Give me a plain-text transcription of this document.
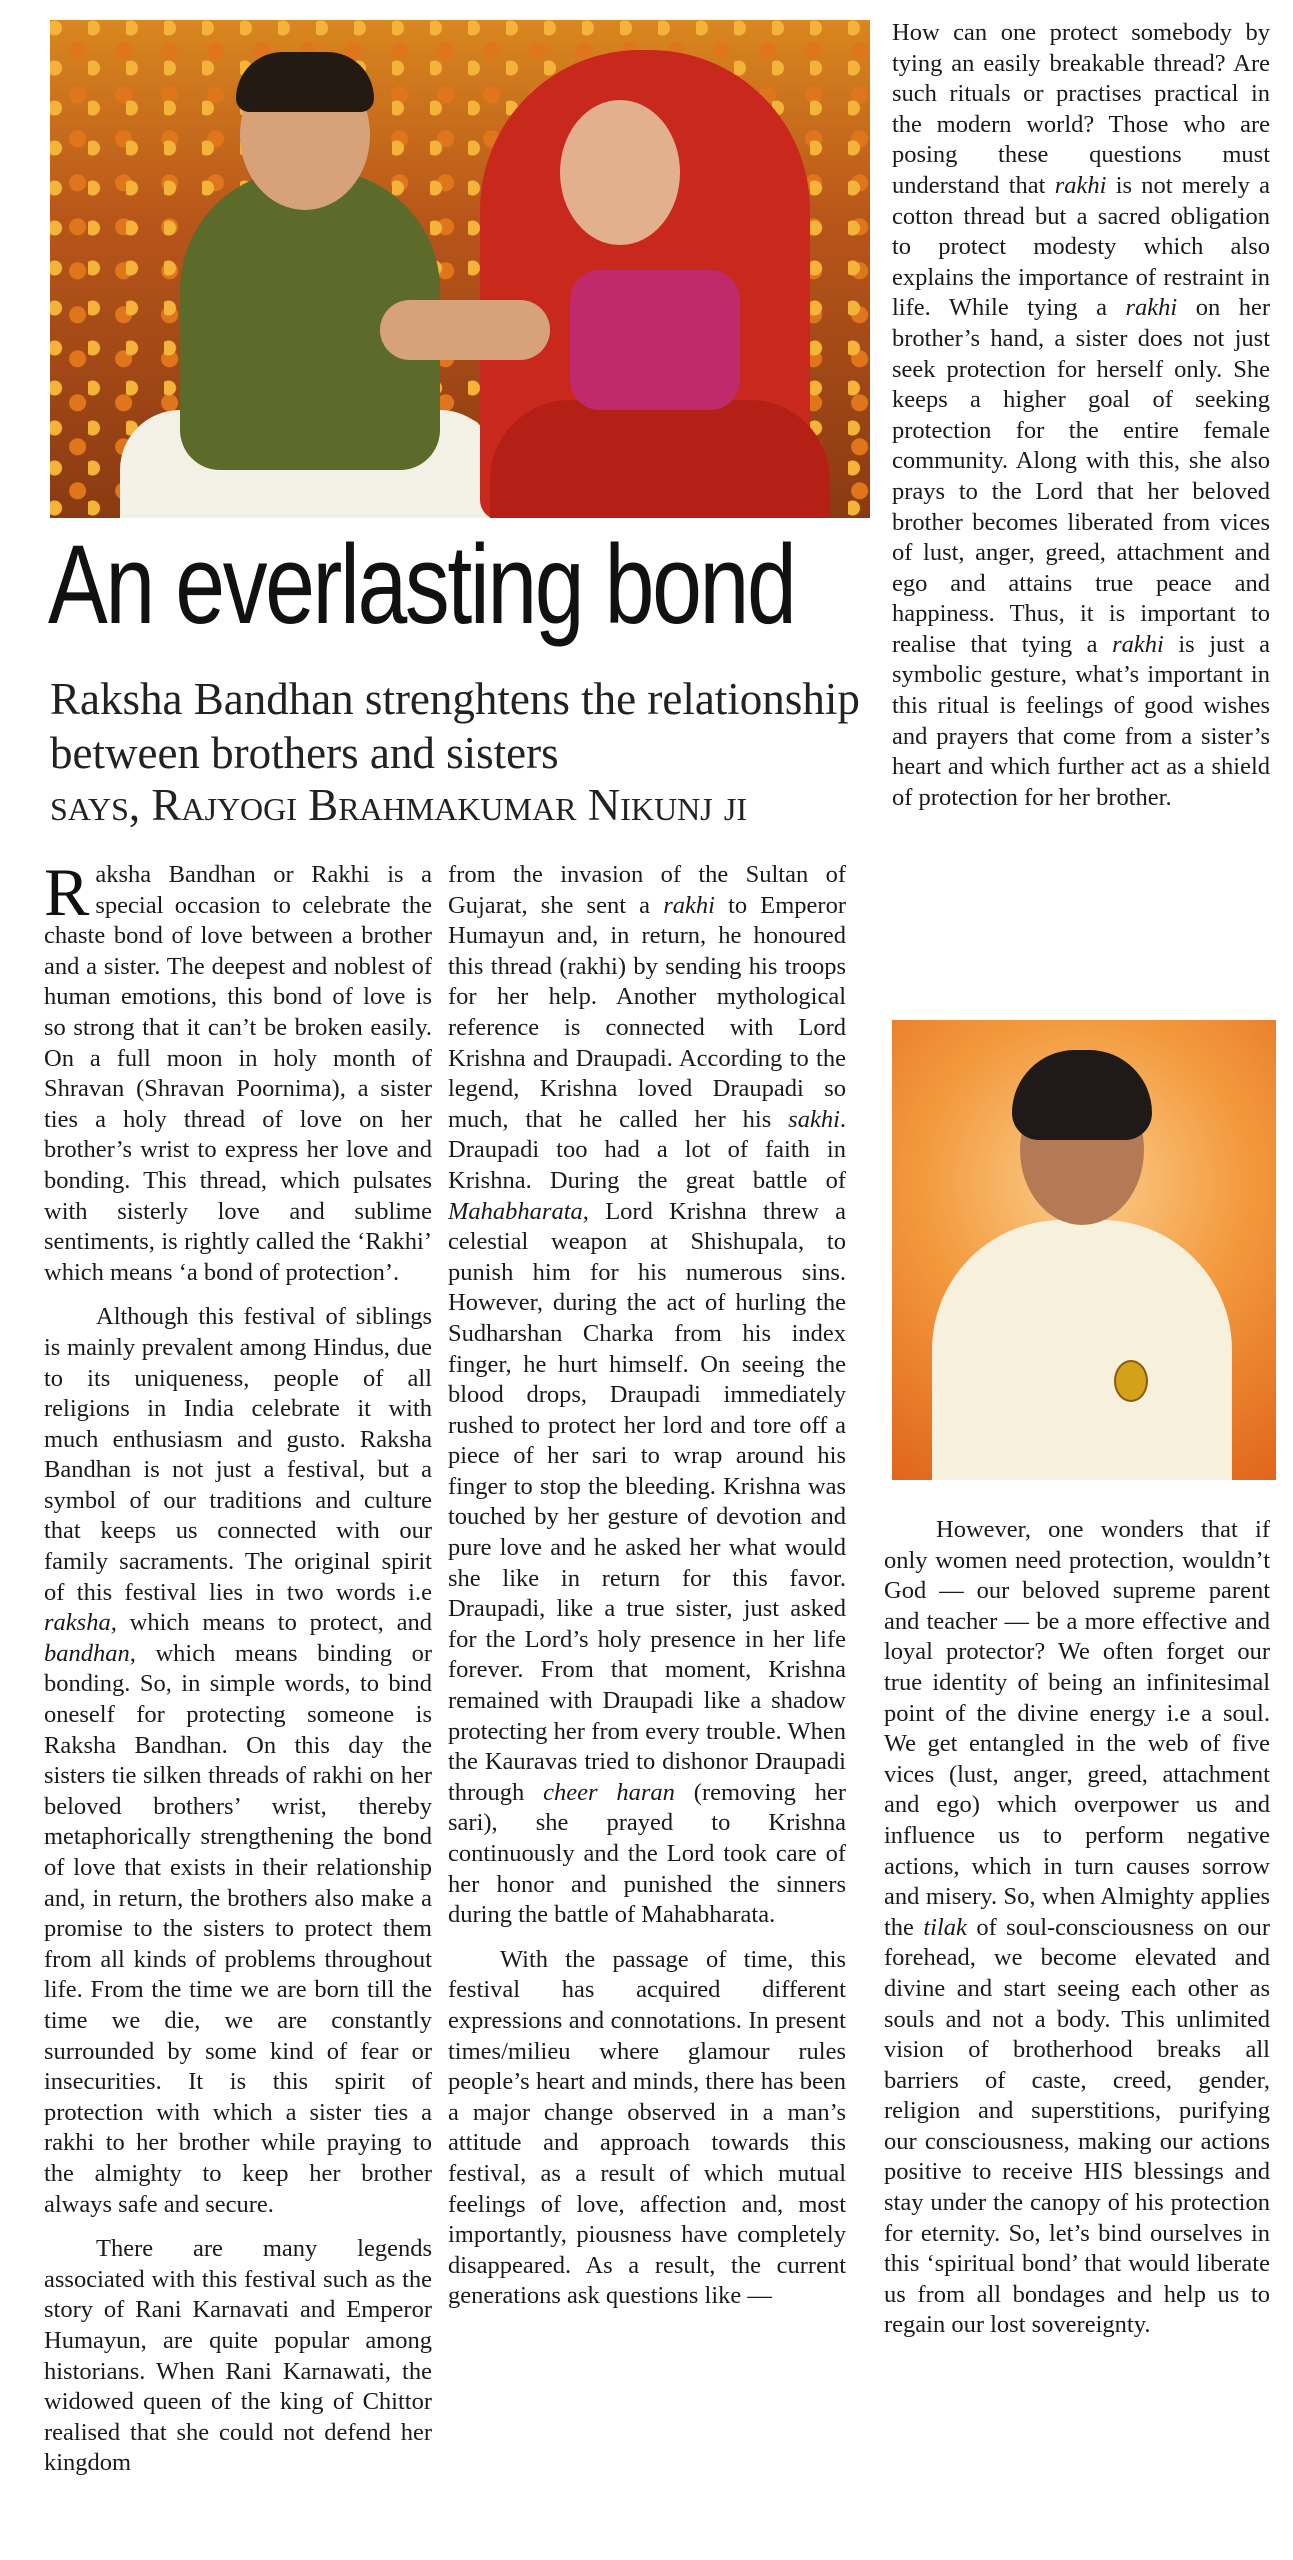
An everlasting bond

Raksha Bandhan strenghtens the relationship between brothers and sisters

says, Rajyogi Brahmakumar Nikunj ji

Raksha Bandhan or Rakhi is a special occasion to celebrate the chaste bond of love between a brother and a sister. The deepest and noblest of human emotions, this bond of love is so strong that it can’t be broken easily. On a full moon in holy month of Shravan (Shravan Poornima), a sister ties a holy thread of love on her brother’s wrist to express her love and bonding. This thread, which pulsates with sisterly love and sublime sentiments, is rightly called the ‘Rakhi’ which means ‘a bond of protection’.

Although this festival of siblings is mainly prevalent among Hindus, due to its uniqueness, people of all religions in India celebrate it with much enthusiasm and gusto. Raksha Bandhan is not just a festival, but a symbol of our traditions and culture that keeps us connected with our family sacraments. The original spirit of this festival lies in two words i.e raksha, which means to protect, and bandhan, which means binding or bonding. So, in simple words, to bind oneself for protecting someone is Raksha Bandhan. On this day the sisters tie silken threads of rakhi on her beloved brothers’ wrist, thereby metaphorically strengthening the bond of love that exists in their relationship and, in return, the brothers also make a promise to the sisters to protect them from all kinds of problems throughout life. From the time we are born till the time we die, we are constantly surrounded by some kind of fear or insecurities. It is this spirit of protection with which a sister ties a rakhi to her brother while praying to the almighty to keep her brother always safe and secure.

There are many legends associated with this festival such as the story of Rani Karnavati and Emperor Humayun, are quite popular among historians. When Rani Karnawati, the widowed queen of the king of Chittor realised that she could not defend her kingdom

from the invasion of the Sultan of Gujarat, she sent a rakhi to Emperor Humayun and, in return, he honoured this thread (rakhi) by sending his troops for her help. Another mythological reference is connected with Lord Krishna and Draupadi. According to the legend, Krishna loved Draupadi so much, that he called her his sakhi. Draupadi too had a lot of faith in Krishna. During the great battle of Mahabharata, Lord Krishna threw a celestial weapon at Shishupala, to punish him for his numerous sins. However, during the act of hurling the Sudharshan Charka from his index finger, he hurt himself. On seeing the blood drops, Draupadi immediately rushed to protect her lord and tore off a piece of her sari to wrap around his finger to stop the bleeding. Krishna was touched by her gesture of devotion and pure love and he asked her what would she like in return for this favor. Draupadi, like a true sister, just asked for the Lord’s holy presence in her life forever. From that moment, Krishna remained with Draupadi like a shadow protecting her from every trouble. When the Kauravas tried to dishonor Draupadi through cheer haran (removing her sari), she prayed to Krishna continuously and the Lord took care of her honor and punished the sinners during the battle of Mahabharata.

With the passage of time, this festival has acquired different expressions and connotations. In present times/milieu where glamour rules people’s heart and minds, there has been a major change observed in a man’s attitude and approach towards this festival, as a result of which mutual feelings of love, affection and, most importantly, piousness have completely disappeared. As a result, the current generations ask questions like —

How can one protect somebody by tying an easily breakable thread? Are such rituals or practises practical in the modern world? Those who are posing these questions must understand that rakhi is not merely a cotton thread but a sacred obligation to protect modesty which also explains the importance of restraint in life. While tying a rakhi on her brother’s hand, a sister does not just seek protection for herself only. She keeps a higher goal of seeking protection for the entire female community. Along with this, she also prays to the Lord that her beloved brother becomes liberated from vices of lust, anger, greed, attachment and ego and attains true peace and happiness. Thus, it is important to realise that tying a rakhi is just a symbolic gesture, what’s important in this ritual is feelings of good wishes and prayers that come from a sister’s heart and which further act as a shield of protection for her brother.

However, one wonders that if only women need protection, wouldn’t God — our beloved supreme parent and teacher — be a more effective and loyal protector? We often forget our true identity of being an infinitesimal point of the divine energy i.e a soul. We get entangled in the web of five vices (lust, anger, greed, attachment and ego) which overpower us and influence us to perform negative actions, which in turn causes sorrow and misery. So, when Almighty applies the tilak of soul-consciousness on our forehead, we become elevated and divine and start seeing each other as souls and not a body. This unlimited vision of brotherhood breaks all barriers of caste, creed, gender, religion and superstitions, purifying our consciousness, making our actions positive to receive HIS blessings and stay under the canopy of his protection for eternity. So, let’s bind ourselves in this ‘spiritual bond’ that would liberate us from all bondages and help us to regain our lost sovereignty.
